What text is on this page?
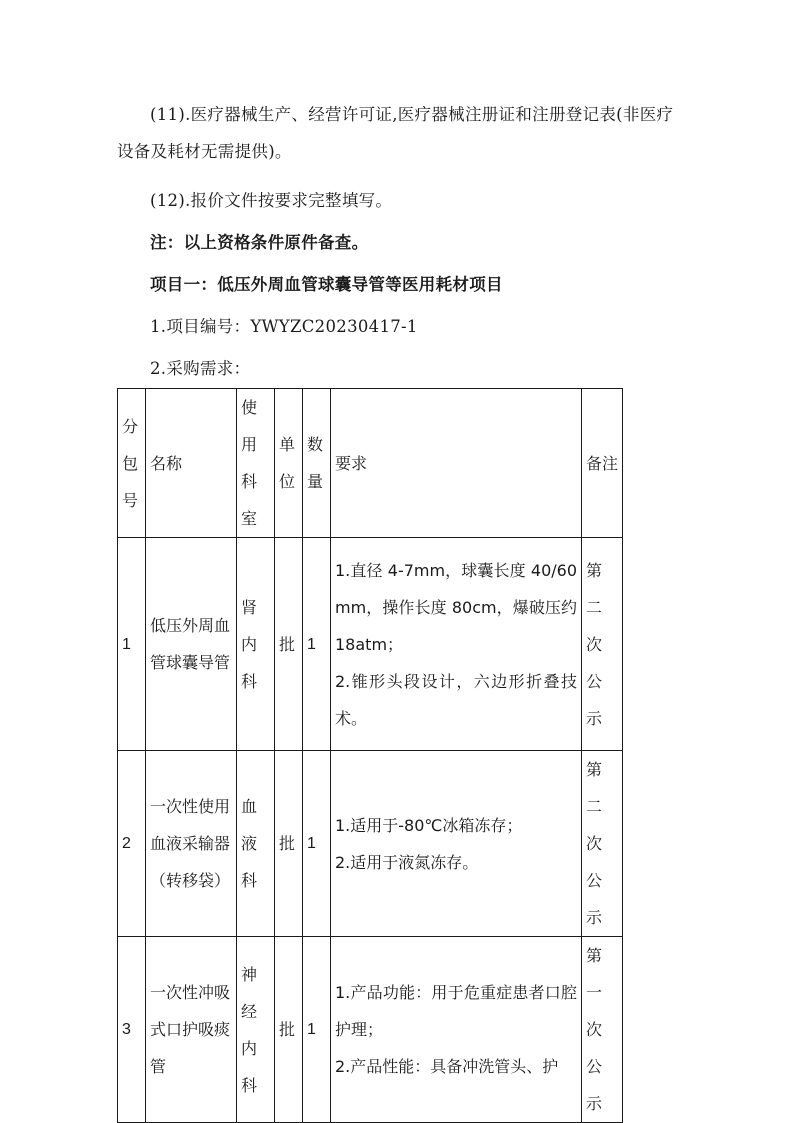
(11).医疗器械生产、经营许可证,医疗器械注册证和注册登记表(非医疗设备及耗材无需提供)。
(12).报价文件按要求完整填写。
注：以上资格条件原件备查。
项目一：低压外周血管球囊导管等医用耗材项目
1.项目编号：YWYZC20230417-1
2.采购需求：
分包号	名称	使用科室	单位	数量	要求	备注
1	低压外周血管球囊导管	肾内科	批	1	1.直径 4-7mm，球囊长度 40/60mm，操作长度 80cm，爆破压约 18atm；
2.锥形头段设计，六边形折叠技术。	第二次公示
2	一次性使用血液采输器（转移袋）	血液科	批	1	1.适用于-80℃冰箱冻存；
2.适用于液氮冻存。	第二次公示
3	一次性冲吸式口护吸痰管	神经内科	批	1	1.产品功能：用于危重症患者口腔护理；
2.产品性能：具备冲洗管头、护	第一次公示
